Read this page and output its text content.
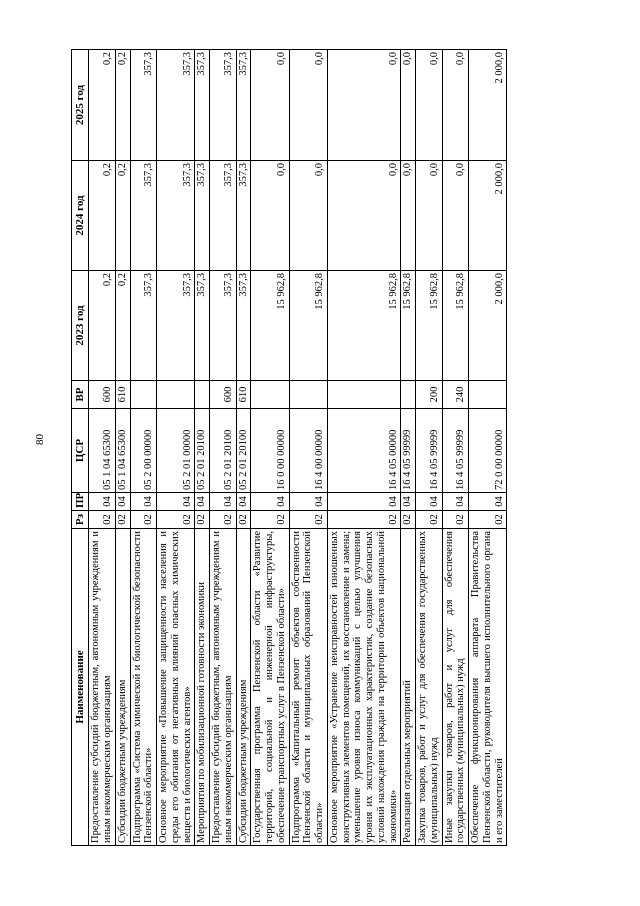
80
Наименование	Рз	ПР	ЦСР	ВР	2023 год	2024 год	2025 год
Предоставление субсидий бюджетным, автономным учреждениям и иным некоммерческим организациям	02	04	05 1 04 65300	600	0,2	0,2	0,2
Субсидии бюджетным учреждениям	02	04	05 1 04 65300	610	0,2	0,2	0,2
Подпрограмма «Система химической и биологической безопасности Пензенской области»	02	04	05 2 00 00000		357,3	357,3	357,3
Основное мероприятие «Повышение защищенности населения и среды его обитания от негативных влияний опасных химических веществ и биологических агентов»	02	04	05 2 01 00000		357,3	357,3	357,3
Мероприятия по мобилизационной готовности экономики	02	04	05 2 01 20100		357,3	357,3	357,3
Предоставление субсидий бюджетным, автономным учреждениям и иным некоммерческим организациям	02	04	05 2 01 20100	600	357,3	357,3	357,3
Субсидии бюджетным учреждениям	02	04	05 2 01 20100	610	357,3	357,3	357,3
Государственная программа Пензенской области «Развитие территорий, социальной и инженерной инфраструктуры, обеспечение транспортных услуг в Пензенской области»	02	04	16 0 00 00000		15 962,8	0,0	0,0
Подпрограмма «Капитальный ремонт объектов собственности Пензенской области и муниципальных образований Пензенской области»	02	04	16 4 00 00000		15 962,8	0,0	0,0
Основное мероприятие «Устранение неисправностей изношенных конструктивных элементов помещений, их восстановление и замена; уменьшение уровня износа коммуникаций с целью улучшения уровня их эксплуатационных характеристик, создание безопасных условий нахождения граждан на территории объектов национальной экономики»	02	04	16 4 05 00000		15 962,8	0,0	0,0
Реализация отдельных мероприятий	02	04	16 4 05 99999		15 962,8	0,0	0,0
Закупка товаров, работ и услуг для обеспечения государственных (муниципальных) нужд	02	04	16 4 05 99999	200	15 962,8	0,0	0,0
Иные закупки товаров, работ и услуг для обеспечения государственных (муниципальных) нужд	02	04	16 4 05 99999	240	15 962,8	0,0	0,0
Обеспечение функционирования аппарата Правительства Пензенской области, руководителя высшего исполнительного органа и его заместителей	02	04	72 0 00 00000		2 000,0	2 000,0	2 000,0
